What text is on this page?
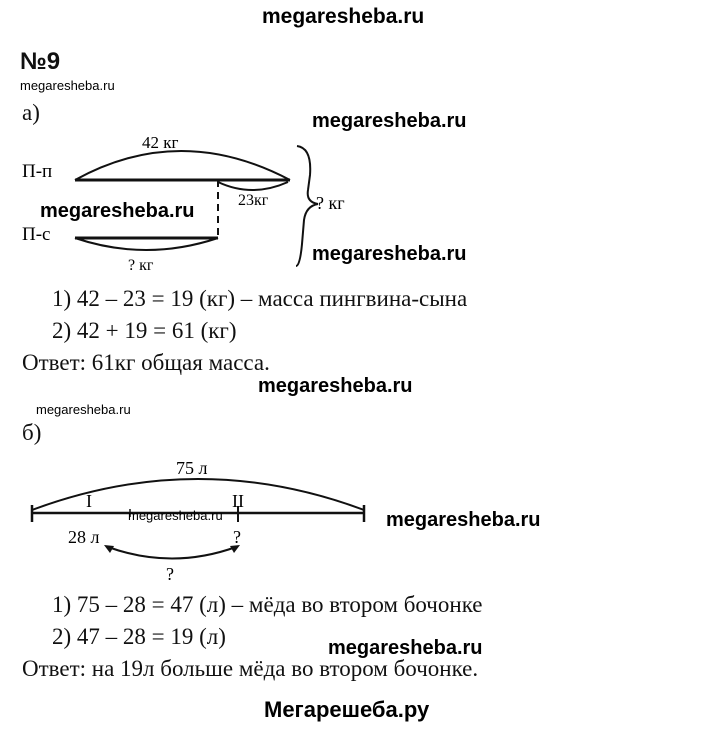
megaresheba.ru
№9
megaresheba.ru
а)
42 кг
П-п
23кг
П-с
? кг
? кг
megaresheba.ru
megaresheba.ru
megaresheba.ru
1) 42 – 23 = 19 (кг) – масса пингвина-сына
2) 42 + 19 = 61 (кг)
Ответ: 61кг общая масса.
megaresheba.ru
megaresheba.ru
б)
75 л
I	II
28 л	?
?
megaresheba.ru	megaresheba.ru
1) 75 – 28 = 47 (л) – мёда во втором бочонке
2) 47 – 28 = 19 (л)	megaresheba.ru
Ответ: на 19л больше мёда во втором бочонке.
Мегарешеба.ру
